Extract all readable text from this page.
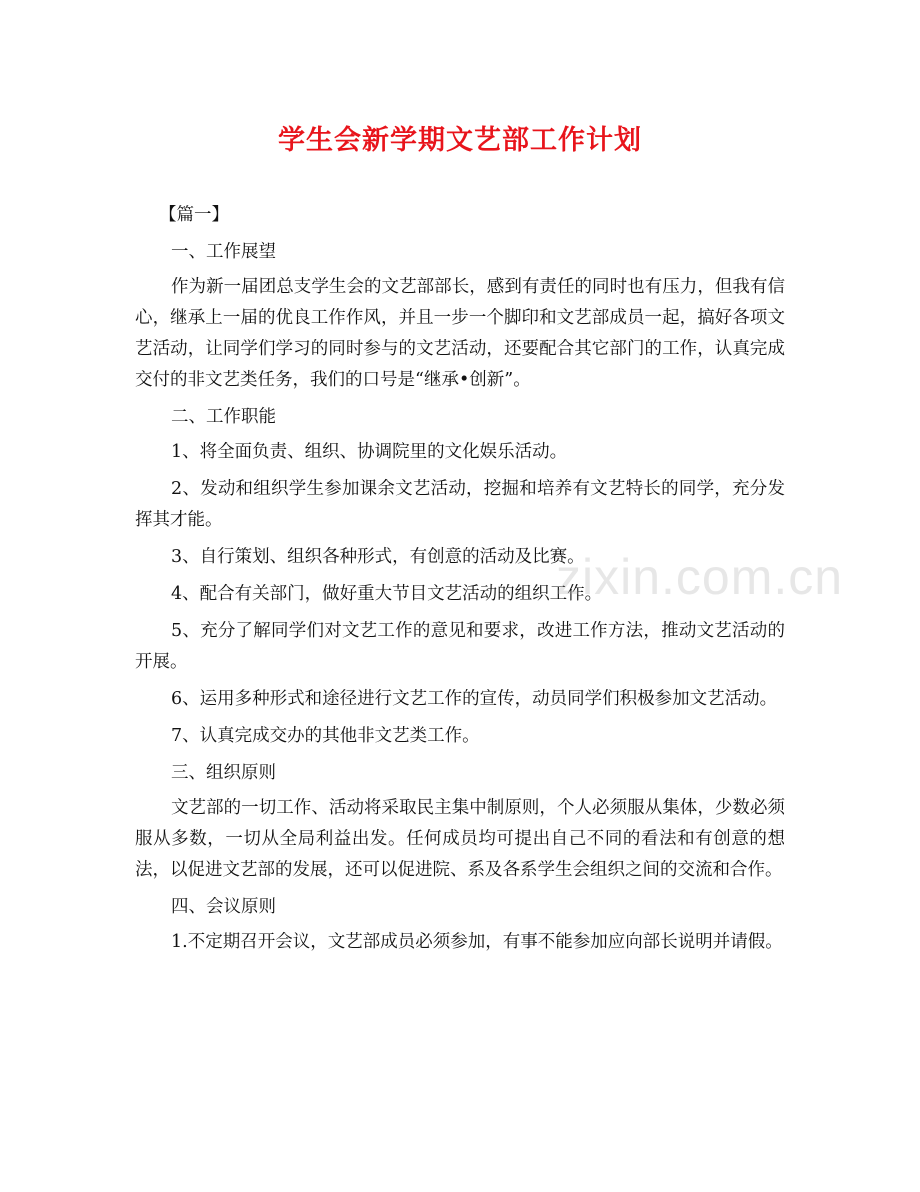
学生会新学期文艺部工作计划

【篇一】

一、工作展望

作为新一届团总支学生会的文艺部部长，感到有责任的同时也有压力，但我有信心，继承上一届的优良工作作风，并且一步一个脚印和文艺部成员一起，搞好各项文艺活动，让同学们学习的同时参与的文艺活动，还要配合其它部门的工作，认真完成交付的非文艺类任务，我们的口号是“继承•创新”。

二、工作职能

1、将全面负责、组织、协调院里的文化娱乐活动。

2、发动和组织学生参加课余文艺活动，挖掘和培养有文艺特长的同学，充分发挥其才能。

3、自行策划、组织各种形式，有创意的活动及比赛。

4、配合有关部门，做好重大节目文艺活动的组织工作。

5、充分了解同学们对文艺工作的意见和要求，改进工作方法，推动文艺活动的开展。

6、运用多种形式和途径进行文艺工作的宣传，动员同学们积极参加文艺活动。

7、认真完成交办的其他非文艺类工作。

三、组织原则

文艺部的一切工作、活动将采取民主集中制原则，个人必须服从集体，少数必须服从多数，一切从全局利益出发。任何成员均可提出自己不同的看法和有创意的想法，以促进文艺部的发展，还可以促进院、系及各系学生会组织之间的交流和合作。

四、会议原则

1.不定期召开会议，文艺部成员必须参加，有事不能参加应向部长说明并请假。

zixin.com.cn
